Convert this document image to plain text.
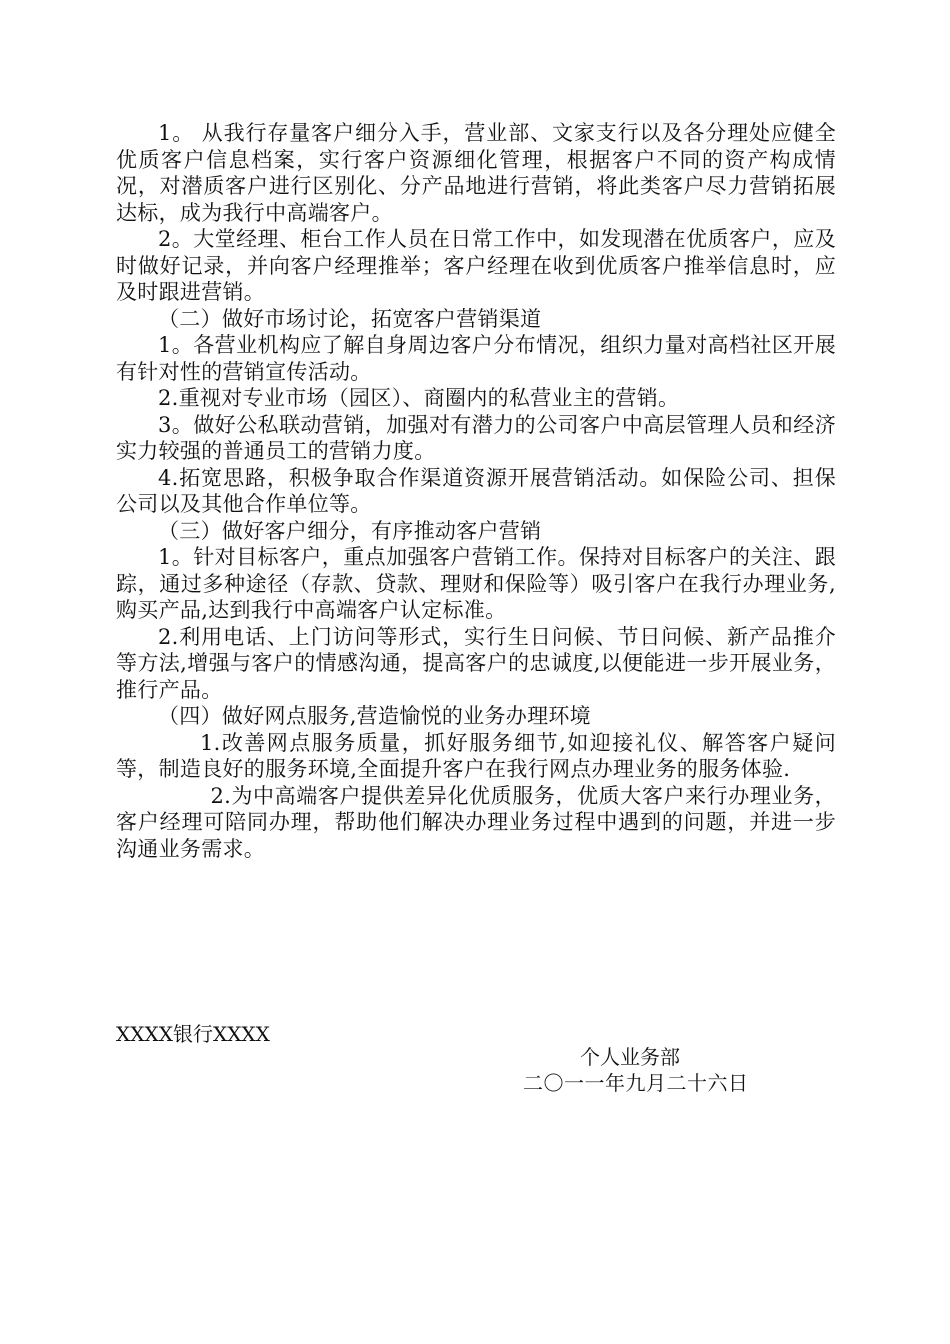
1。 从我行存量客户细分入手，营业部、文家支行以及各分理处应健全优质客户信息档案，实行客户资源细化管理，根据客户不同的资产构成情况，对潜质客户进行区别化、分产品地进行营销，将此类客户尽力营销拓展达标，成为我行中高端客户。

2。大堂经理、柜台工作人员在日常工作中，如发现潜在优质客户，应及时做好记录，并向客户经理推举；客户经理在收到优质客户推举信息时，应及时跟进营销。

（二）做好市场讨论，拓宽客户营销渠道

1。各营业机构应了解自身周边客户分布情况，组织力量对高档社区开展有针对性的营销宣传活动。

2.重视对专业市场（园区）、商圈内的私营业主的营销。

3。做好公私联动营销，加强对有潜力的公司客户中高层管理人员和经济实力较强的普通员工的营销力度。

4.拓宽思路，积极争取合作渠道资源开展营销活动。如保险公司、担保公司以及其他合作单位等。

（三）做好客户细分，有序推动客户营销

1。针对目标客户，重点加强客户营销工作。保持对目标客户的关注、跟踪，通过多种途径（存款、贷款、理财和保险等）吸引客户在我行办理业务,购买产品,达到我行中高端客户认定标准。

2.利用电话、上门访问等形式，实行生日问候、节日问候、新产品推介等方法,增强与客户的情感沟通，提高客户的忠诚度,以便能进一步开展业务，推行产品。

（四）做好网点服务,营造愉悦的业务办理环境

1.改善网点服务质量，抓好服务细节,如迎接礼仪、解答客户疑问等，制造良好的服务环境,全面提升客户在我行网点办理业务的服务体验.

2.为中高端客户提供差异化优质服务，优质大客户来行办理业务，客户经理可陪同办理，帮助他们解决办理业务过程中遇到的问题，并进一步沟通业务需求。

XXXX银行XXXX
个人业务部
二〇一一年九月二十六日
